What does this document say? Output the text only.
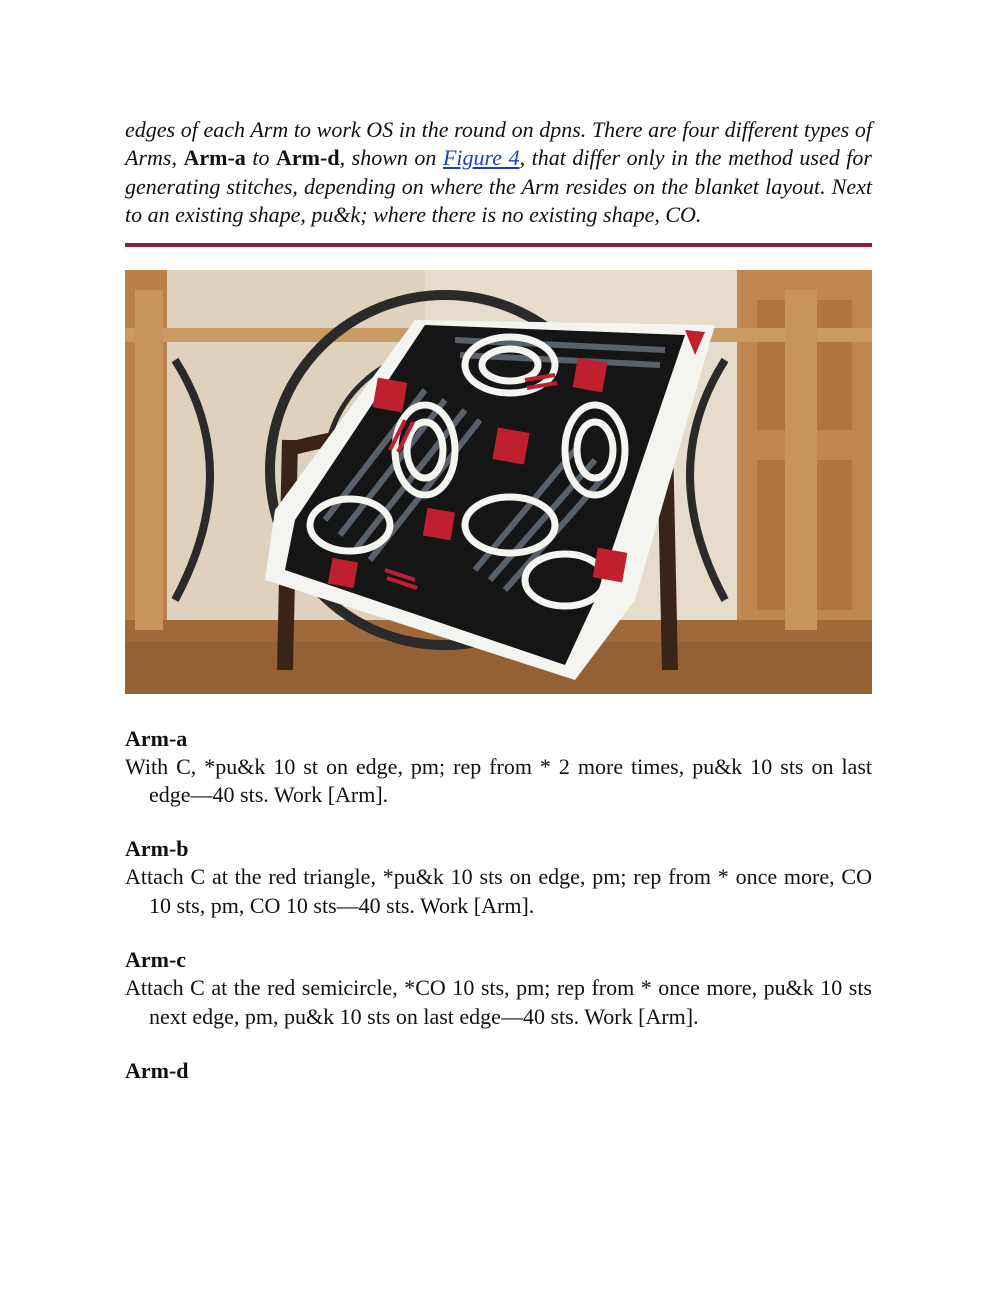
edges of each Arm to work OS in the round on dpns. There are four different types of Arms, Arm-a to Arm-d, shown on Figure 4, that differ only in the method used for generating stitches, depending on where the Arm resides on the blanket layout. Next to an existing shape, pu&k; where there is no existing shape, CO.

Arm-a

With C, *pu&k 10 st on edge, pm; rep from * 2 more times, pu&k 10 sts on last edge—40 sts. Work [Arm].

Arm-b

Attach C at the red triangle, *pu&k 10 sts on edge, pm; rep from * once more, CO 10 sts, pm, CO 10 sts—40 sts. Work [Arm].

Arm-c

Attach C at the red semicircle, *CO 10 sts, pm; rep from * once more, pu&k 10 sts next edge, pm, pu&k 10 sts on last edge—40 sts. Work [Arm].

Arm-d
